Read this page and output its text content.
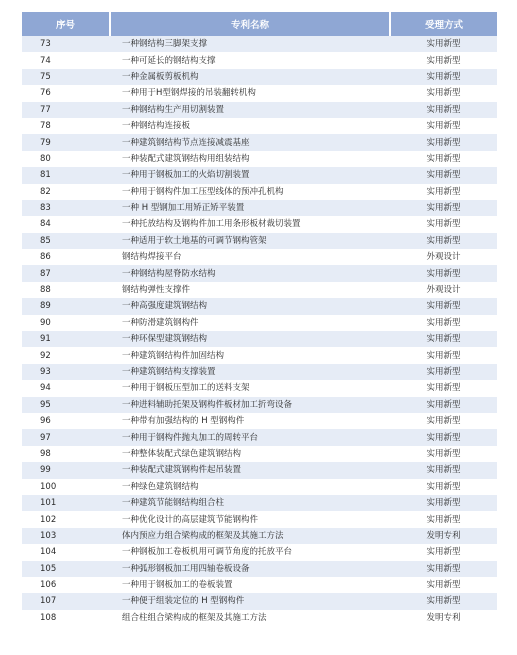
序号	专利名称	受理方式
73	一种钢结构三脚架支撑	实用新型
74	一种可延长的钢结构支撑	实用新型
75	一种金属板剪板机构	实用新型
76	一种用于H型钢焊接的吊装翻转机构	实用新型
77	一种钢结构生产用切割装置	实用新型
78	一种钢结构连接板	实用新型
79	一种建筑钢结构节点连接减震基座	实用新型
80	一种装配式建筑钢结构用组装结构	实用新型
81	一种用于钢板加工的火焰切割装置	实用新型
82	一种用于钢构件加工压型线体的预冲孔机构	实用新型
83	一种 H 型钢加工用矫正矫平装置	实用新型
84	一种托放结构及钢构件加工用条形板材裁切装置	实用新型
85	一种适用于软土地基的可调节钢构管架	实用新型
86	钢结构焊接平台	外观设计
87	一种钢结构屋脊防水结构	实用新型
88	钢结构弹性支撑件	外观设计
89	一种高强度建筑钢结构	实用新型
90	一种防滑建筑钢构件	实用新型
91	一种环保型建筑钢结构	实用新型
92	一种建筑钢结构件加固结构	实用新型
93	一种建筑钢结构支撑装置	实用新型
94	一种用于钢板压型加工的送料支架	实用新型
95	一种进料辅助托架及钢构件板材加工折弯设备	实用新型
96	一种带有加强结构的 H 型钢构件	实用新型
97	一种用于钢构件抛丸加工的周转平台	实用新型
98	一种整体装配式绿色建筑钢结构	实用新型
99	一种装配式建筑钢构件起吊装置	实用新型
100	一种绿色建筑钢结构	实用新型
101	一种建筑节能钢结构组合柱	实用新型
102	一种优化设计的高层建筑节能钢构件	实用新型
103	体内预应力组合梁构成的框架及其施工方法	发明专利
104	一种钢板加工卷板机用可调节角度的托放平台	实用新型
105	一种弧形钢板加工用四轴卷板设备	实用新型
106	一种用于钢板加工的卷板装置	实用新型
107	一种便于组装定位的 H 型钢构件	实用新型
108	组合柱组合梁构成的框架及其施工方法	发明专利
